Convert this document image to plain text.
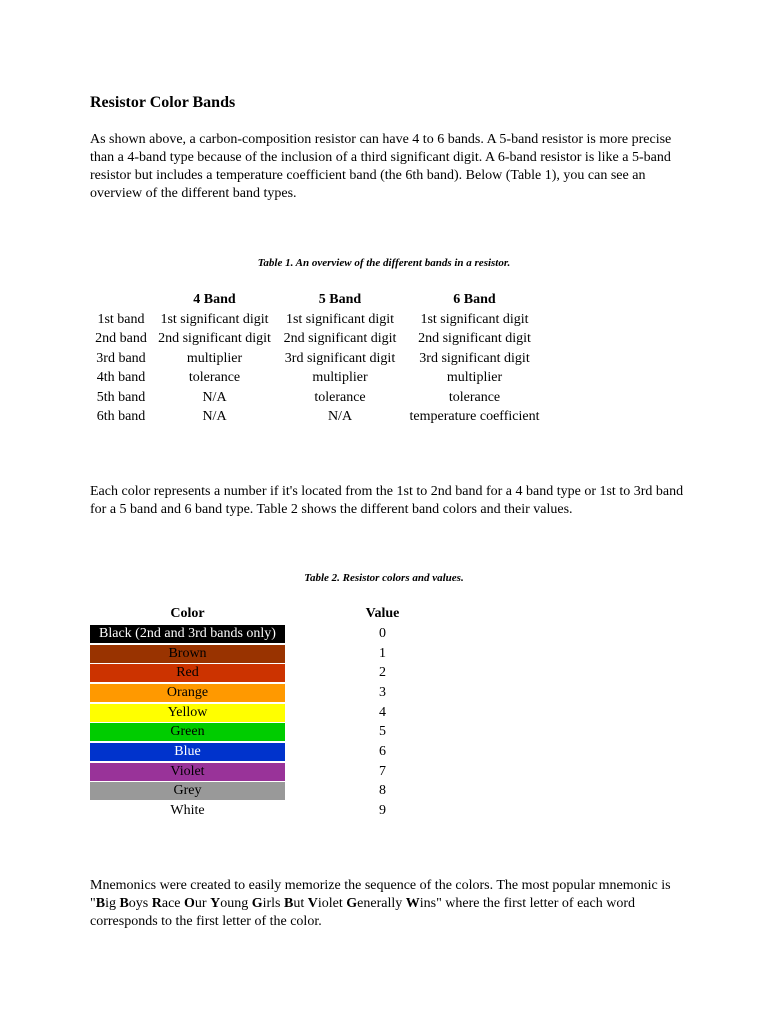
Resistor Color Bands

As shown above, a carbon-composition resistor can have 4 to 6 bands. A 5-band resistor is more precise than a 4-band type because of the inclusion of a third significant digit. A 6-band resistor is like a 5-band resistor but includes a temperature coefficient band (the 6th band). Below (Table 1), you can see an overview of the different band types.

Table 1. An overview of the different bands in a resistor.

	4 Band	5 Band	6 Band
1st band	1st significant digit	1st significant digit	1st significant digit
2nd band	2nd significant digit	2nd significant digit	2nd significant digit
3rd band	multiplier	3rd significant digit	3rd significant digit
4th band	tolerance	multiplier	multiplier
5th band	N/A	tolerance	tolerance
6th band	N/A	N/A	temperature coefficient

Each color represents a number if it's located from the 1st to 2nd band for a 4 band type or 1st to 3rd band for a 5 band and 6 band type. Table 2 shows the different band colors and their values.

Table 2. Resistor colors and values.

Color	Value

Black (2nd and 3rd bands only)	0

Brown	1

Red	2

Orange	3

Yellow	4

Green	5

Blue	6

Violet	7

Grey	8

White	9

Mnemonics were created to easily memorize the sequence of the colors. The most popular mnemonic is "Big Boys Race Our Young Girls But Violet Generally Wins" where the first letter of each word corresponds to the first letter of the color.
